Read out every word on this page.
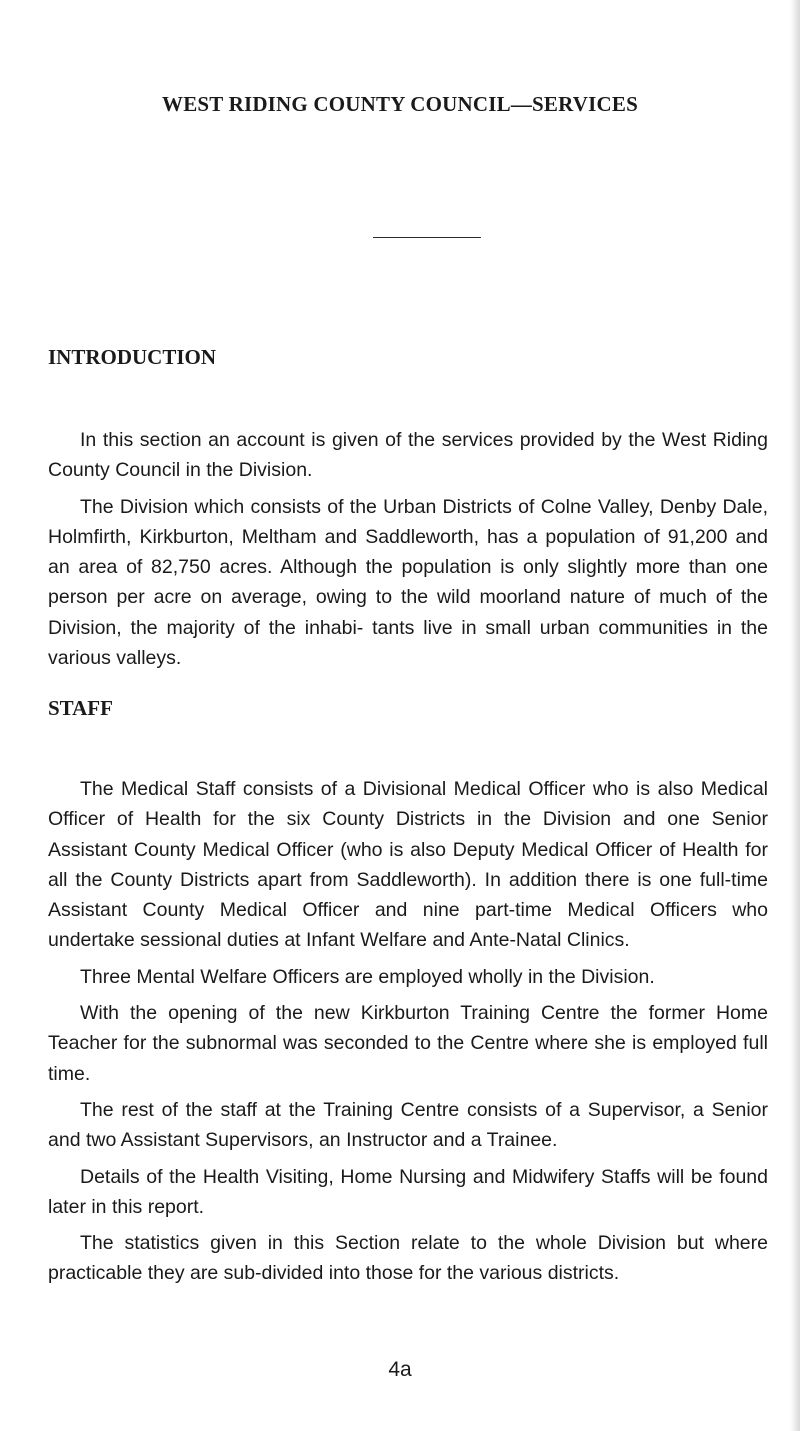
WEST RIDING COUNTY COUNCIL—SERVICES
INTRODUCTION

In this section an account is given of the services provided by the West Riding County Council in the Division.

The Division which consists of the Urban Districts of Colne Valley, Denby Dale, Holmfirth, Kirkburton, Meltham and Saddleworth, has a population of 91,200 and an area of 82,750 acres. Although the population is only slightly more than one person per acre on average, owing to the wild moorland nature of much of the Division, the majority of the inhabi- tants live in small urban communities in the various valleys.

STAFF

The Medical Staff consists of a Divisional Medical Officer who is also Medical Officer of Health for the six County Districts in the Division and one Senior Assistant County Medical Officer (who is also Deputy Medical Officer of Health for all the County Districts apart from Saddleworth). In addition there is one full-time Assistant County Medical Officer and nine part-time Medical Officers who undertake sessional duties at Infant Welfare and Ante-Natal Clinics.

Three Mental Welfare Officers are employed wholly in the Division.

With the opening of the new Kirkburton Training Centre the former Home Teacher for the subnormal was seconded to the Centre where she is employed full time.

The rest of the staff at the Training Centre consists of a Supervisor, a Senior and two Assistant Supervisors, an Instructor and a Trainee.

Details of the Health Visiting, Home Nursing and Midwifery Staffs will be found later in this report.

The statistics given in this Section relate to the whole Division but where practicable they are sub-divided into those for the various districts.

4a
